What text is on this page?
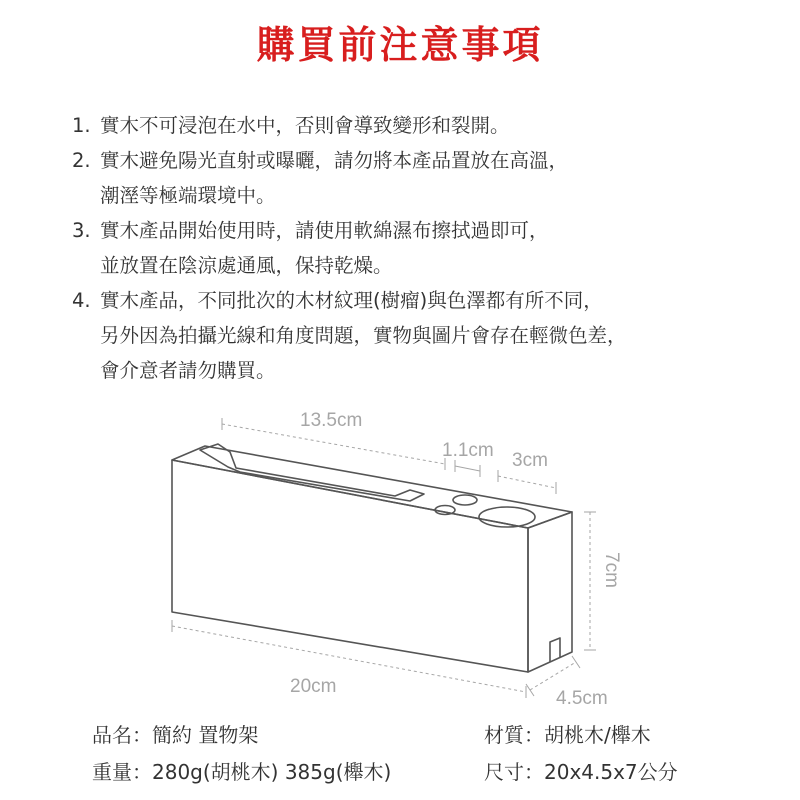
購買前注意事項
1. 實木不可浸泡在水中，否則會導致變形和裂開。
2. 實木避免陽光直射或曝曬，請勿將本產品置放在高溫，
潮溼等極端環境中。
3. 實木產品開始使用時，請使用軟綿濕布擦拭過即可，
並放置在陰涼處通風，保持乾燥。
4. 實木產品，不同批次的木材紋理(樹瘤)與色澤都有所不同，
另外因為拍攝光線和角度問題，實物與圖片會存在輕微色差，
會介意者請勿購買。
13.5cm
1.1cm 3cm
7cm
20cm
4.5cm
品名：簡約 置物架	材質：胡桃木/櫸木
重量：280g(胡桃木) 385g(櫸木)	尺寸：20x4.5x7公分
